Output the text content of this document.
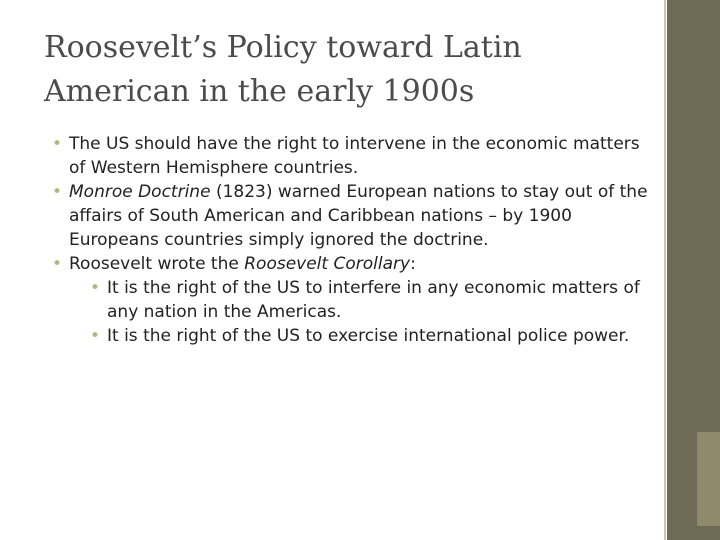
Roosevelt’s Policy toward Latin American in the early 1900s
• The US should have the right to intervene in the economic matters of Western Hemisphere countries.
• Monroe Doctrine (1823) warned European nations to stay out of the affairs of South American and Caribbean nations – by 1900 Europeans countries simply ignored the doctrine.
• Roosevelt wrote the Roosevelt Corollary:
• It is the right of the US to interfere in any economic matters of any nation in the Americas.
• It is the right of the US to exercise international police power.
